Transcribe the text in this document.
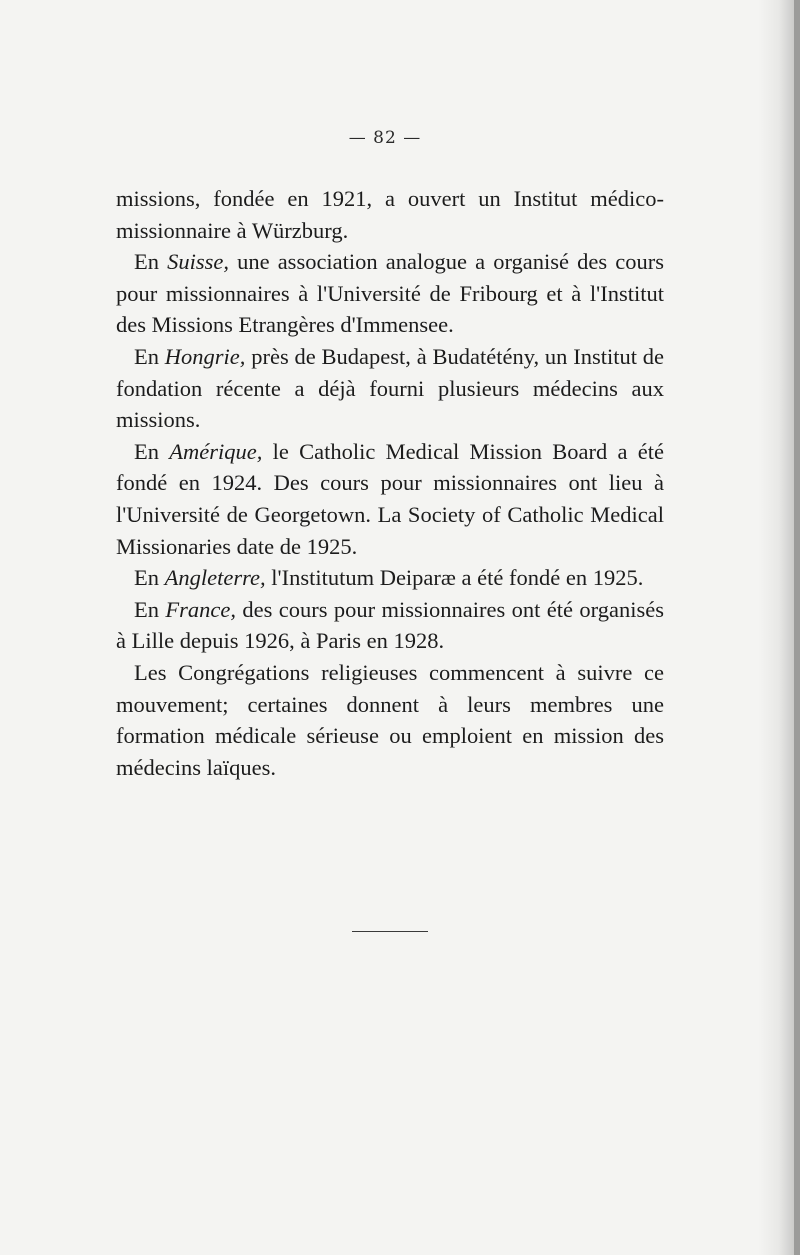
— 82 —

missions, fondée en 1921, a ouvert un Institut médico-missionnaire à Würzburg.

En Suisse, une association analogue a organisé des cours pour missionnaires à l'Université de Fribourg et à l'Institut des Missions Etrangères d'Immensee.

En Hongrie, près de Budapest, à Budatétény, un Institut de fondation récente a déjà fourni plusieurs médecins aux missions.

En Amérique, le Catholic Medical Mission Board a été fondé en 1924. Des cours pour missionnaires ont lieu à l'Université de Georgetown. La Society of Catholic Medical Missionaries date de 1925.

En Angleterre, l'Institutum Deiparæ a été fondé en 1925.

En France, des cours pour missionnaires ont été organisés à Lille depuis 1926, à Paris en 1928.

Les Congrégations religieuses commencent à suivre ce mouvement; certaines donnent à leurs membres une formation médicale sérieuse ou emploient en mission des médecins laïques.
